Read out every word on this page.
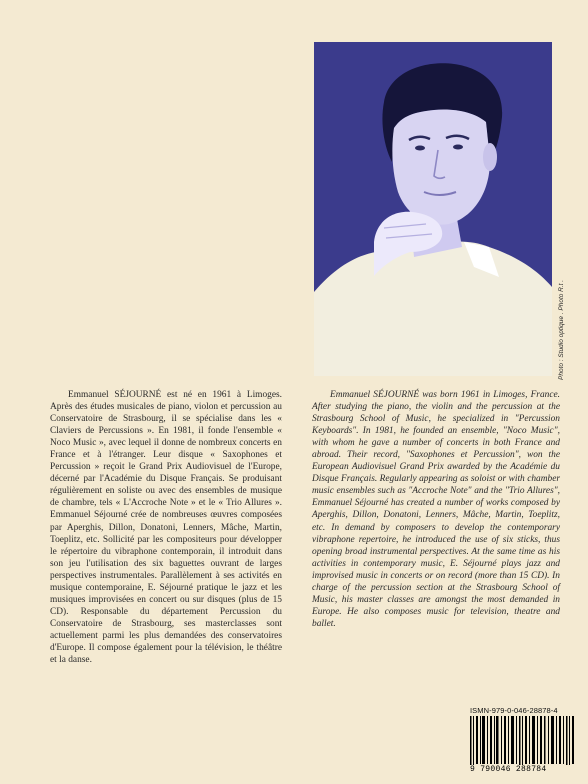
Photo : Studio optique . Photo R.t .

Emmanuel SÉJOURNÉ est né en 1961 à Limoges. Après des études musicales de piano, violon et percussion au Conservatoire de Strasbourg, il se spécialise dans les « Claviers de Percussions ». En 1981, il fonde l'ensemble « Noco Music », avec lequel il donne de nombreux concerts en France et à l'étranger. Leur disque « Saxophones et Percussion » reçoit le Grand Prix Audiovisuel de l'Europe, décerné par l'Académie du Disque Français. Se produisant régulièrement en soliste ou avec des ensembles de musique de chambre, tels « L'Accroche Note » et le « Trio Allures ». Emmanuel Séjourné crée de nombreuses œuvres composées par Aperghis, Dillon, Donatoni, Lenners, Mâche, Martin, Toeplitz, etc. Sollicité par les compositeurs pour développer le répertoire du vibraphone contemporain, il introduit dans son jeu l'utilisation des six baguettes ouvrant de larges perspectives instrumentales. Parallèlement à ses activités en musique contemporaine, E. Séjourné pratique le jazz et les musiques improvisées en concert ou sur disques (plus de 15 CD). Responsable du département Percussion du Conservatoire de Strasbourg, ses masterclasses sont actuellement parmi les plus demandées des conservatoires d'Europe. Il compose également pour la télévision, le théâtre et la danse.

Emmanuel SÉJOURNÉ was born 1961 in Limoges, France. After studying the piano, the violin and the percussion at the Strasbourg School of Music, he specialized in "Percussion Keyboards". In 1981, he founded an ensemble, "Noco Music", with whom he gave a number of concerts in both France and abroad. Their record, "Saxophones et Percussion", won the European Audiovisuel Grand Prix awarded by the Académie du Disque Français. Regularly appearing as soloist or with chamber music ensembles such as "Accroche Note" and the "Trio Allures", Emmanuel Séjourné has created a number of works composed by Aperghis, Dillon, Donatoni, Lenners, Mâche, Martin, Toeplitz, etc. In demand by composers to develop the contemporary vibraphone repertoire, he introduced the use of six sticks, thus opening broad instrumental perspectives. At the same time as his activities in contemporary music, E. Séjourné plays jazz and improvised music in concerts or on record (more than 15 CD). In charge of the percussion section at the Strasbourg School of Music, his master classes are amongst the most demanded in Europe. He also composes music for television, theatre and ballet.

ISMN-979-0-046-28878-4
9 790046 288784
